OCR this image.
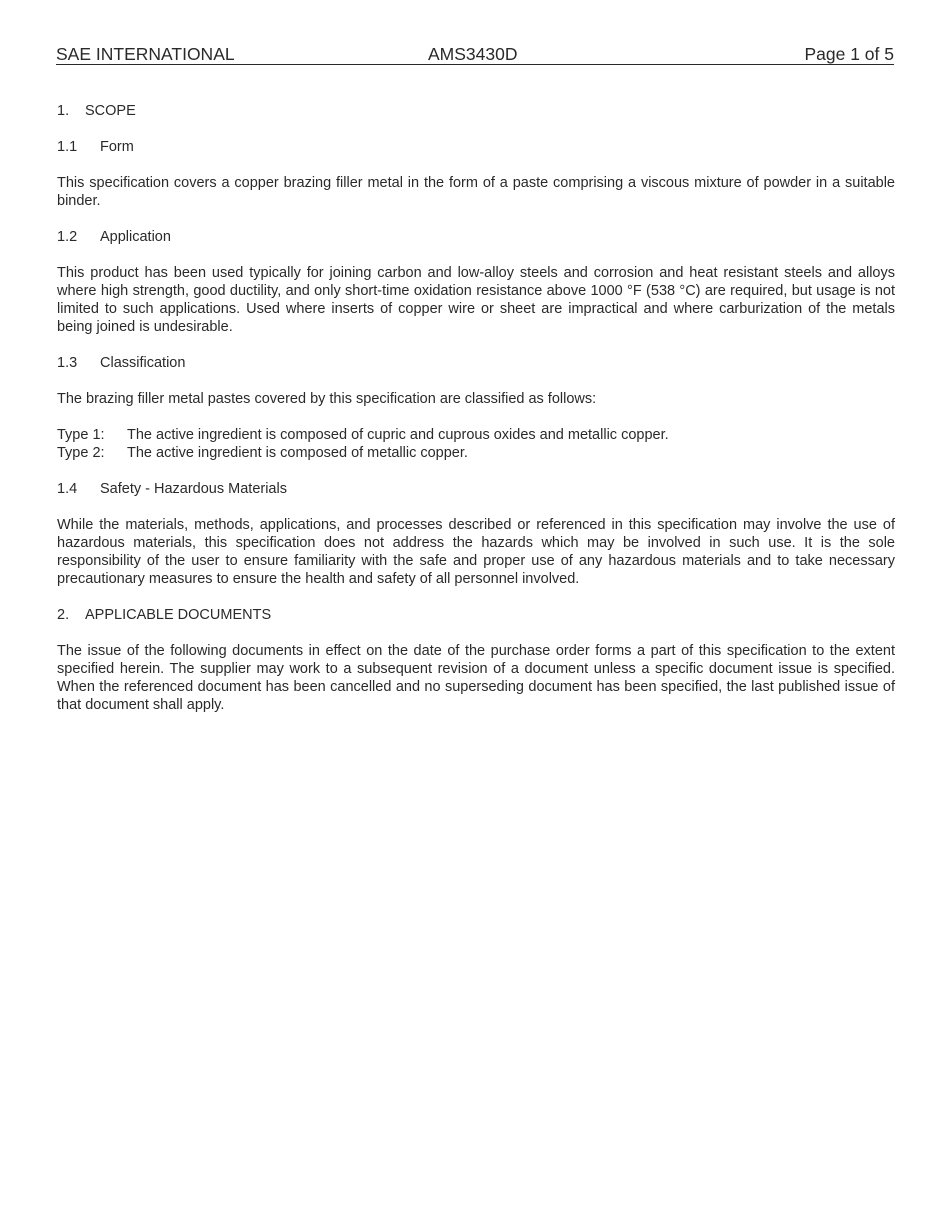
SAE INTERNATIONAL	AMS3430D	Page 1 of 5
1. SCOPE
1.1 Form

This specification covers a copper brazing filler metal in the form of a paste comprising a viscous mixture of powder in a suitable binder.

1.2 Application

This product has been used typically for joining carbon and low-alloy steels and corrosion and heat resistant steels and alloys where high strength, good ductility, and only short-time oxidation resistance above 1000 °F (538 °C) are required, but usage is not limited to such applications. Used where inserts of copper wire or sheet are impractical and where carburization of the metals being joined is undesirable.

1.3 Classification

The brazing filler metal pastes covered by this specification are classified as follows:

Type 1: The active ingredient is composed of cupric and cuprous oxides and metallic copper.
Type 2: The active ingredient is composed of metallic copper.
1.4 Safety - Hazardous Materials

While the materials, methods, applications, and processes described or referenced in this specification may involve the use of hazardous materials, this specification does not address the hazards which may be involved in such use. It is the sole responsibility of the user to ensure familiarity with the safe and proper use of any hazardous materials and to take necessary precautionary measures to ensure the health and safety of all personnel involved.

2. APPLICABLE DOCUMENTS

The issue of the following documents in effect on the date of the purchase order forms a part of this specification to the extent specified herein. The supplier may work to a subsequent revision of a document unless a specific document issue is specified. When the referenced document has been cancelled and no superseding document has been specified, the last published issue of that document shall apply.
